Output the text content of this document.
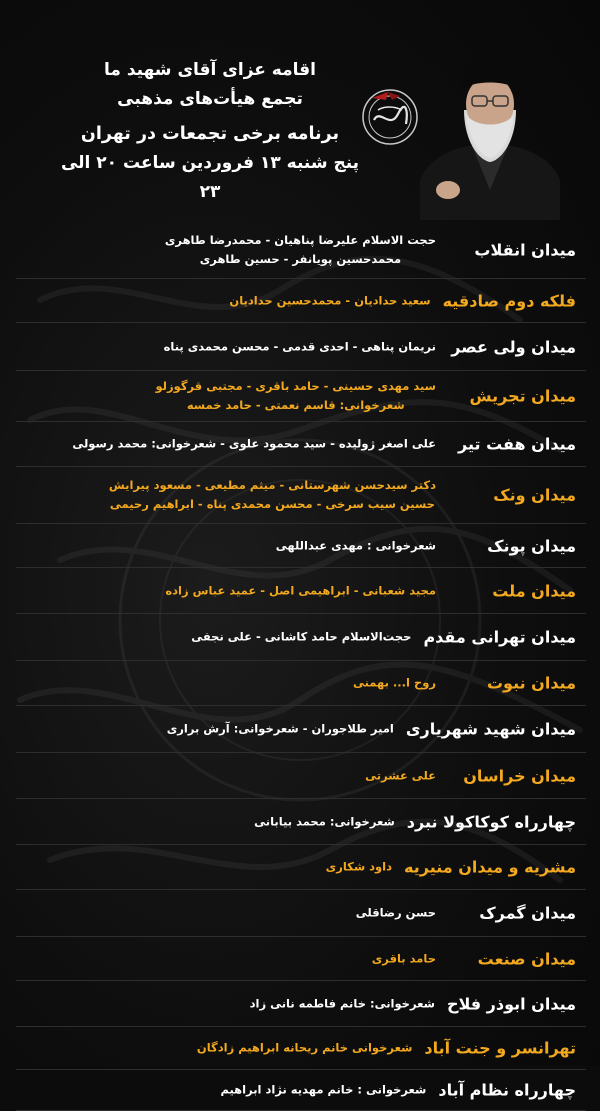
اقامه عزای آقای شهید ما
تجمع هیأت‌های مذهبی
برنامه برخی تجمعات در تهران
پنج شنبه ۱۳ فروردین ساعت ۲۰ الی ۲۳
میدان انقلاب
حجت الاسلام علیرضا پناهیان - محمدرضا طاهری
محمدحسین پویانفر - حسین طاهری
فلکه دوم صادقیه
سعید حدادیان - محمدحسین حدادیان
میدان ولی عصر
نریمان پناهی - احدی قدمی - محسن محمدی پناه
میدان تجریش
سید مهدی حسینی - حامد باقری - مجتبی قرگوزلو
شعرخوانی: قاسم نعمتی - حامد خمسه
میدان هفت تیر
علی اصغر ژولیده - سید محمود علوی - شعرخوانی: محمد رسولی
میدان ونک
دکتر سیدحسن شهرستانی - میثم مطیعی - مسعود پیرایش
حسین سیب سرخی - محسن محمدی پناه - ابراهیم رحیمی
میدان پونک
شعرخوانی : مهدی عبداللهی
میدان ملت
مجید شعبانی - ابراهیمی اصل - عمید عباس زاده
میدان تهرانی مقدم
حجت‌الاسلام حامد کاشانی - علی نجفی
میدان نبوت
روح ا... بهمنی
میدان شهید شهریاری
امیر طلاجوران - شعرخوانی: آرش براری
میدان خراسان
علی عشرتی
چهارراه کوکاکولا نبرد
شعرخوانی: محمد بیابانی
مشریه و میدان منیریه
داود شکاری
میدان گمرک
حسن رضاقلی
میدان صنعت
حامد باقری
میدان ابوذر فلاح
شعرخوانی: خانم فاطمه نانی زاد
تهرانسر و جنت آباد
شعرخوانی خانم ریحانه ابراهیم زادگان
چهارراه نظام آباد
شعرخوانی : خانم مهدیه نژاد ابراهیم
